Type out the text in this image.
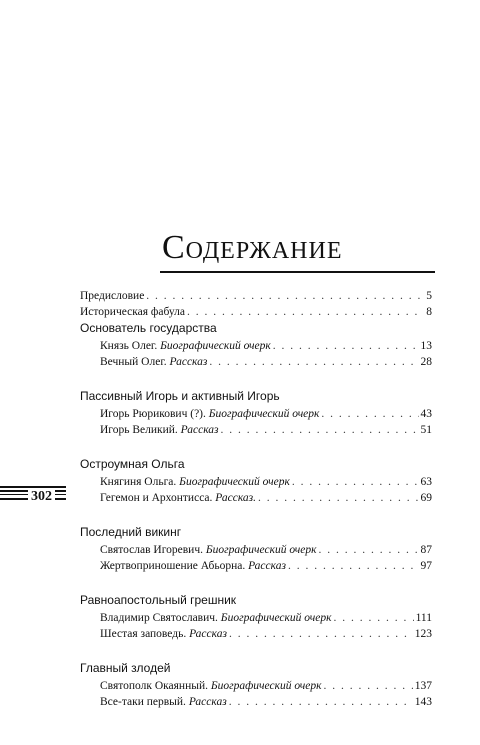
Содержание
302
Предисловие . . .	5
Историческая фабула . . .	8
Основатель государства
Князь Олег. Биографический очерк . . .	13
Вечный Олег. Рассказ . . .	28
Пассивный Игорь и активный Игорь
Игорь Рюрикович (?). Биографический очерк . . .	43
Игорь Великий. Рассказ . . .	51
Остроумная Ольга
Княгиня Ольга. Биографический очерк . . .	63
Гегемон и Архонтисса. Рассказ. . . .	69
Последний викинг
Святослав Игоревич. Биографический очерк . . .	87
Жертвоприношение Абьорна. Рассказ . . .	97
Равноапостольный грешник
Владимир Святославич. Биографический очерк . . .	111
Шестая заповедь. Рассказ . . .	123
Главный злодей
Святополк Окаянный. Биографический очерк . . .	137
Все-таки первый. Рассказ . . .	143
